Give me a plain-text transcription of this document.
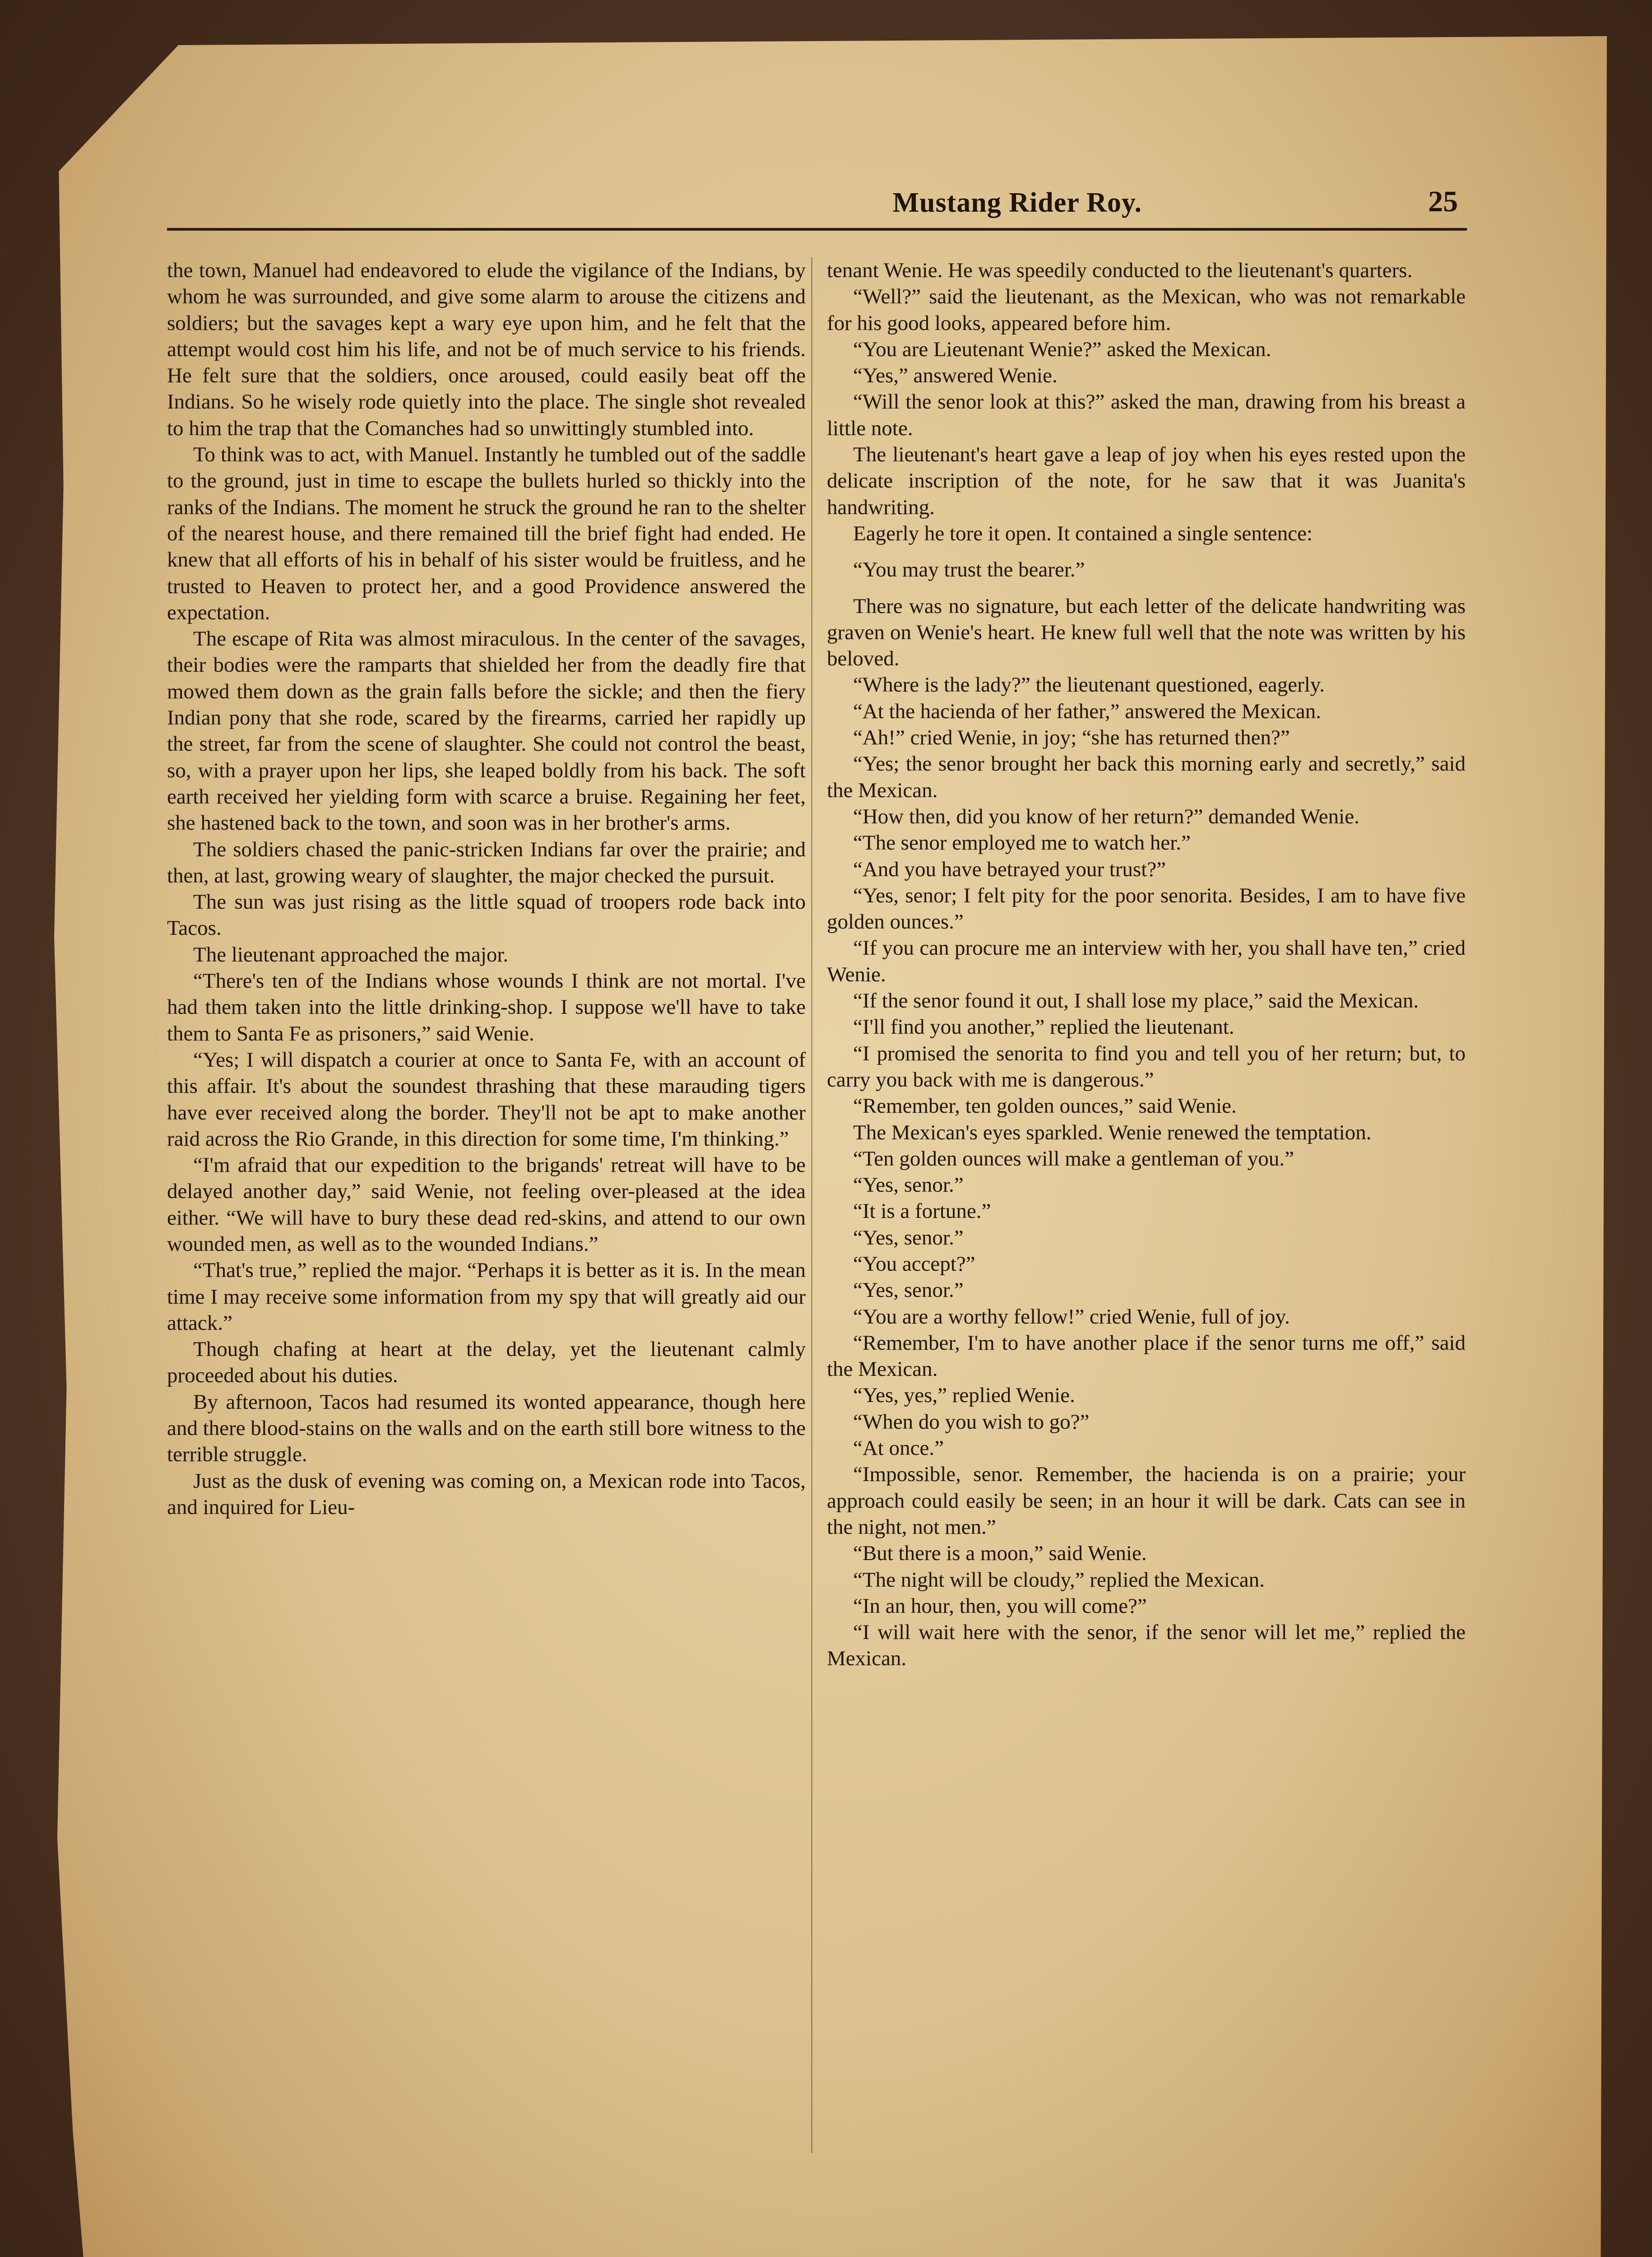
Mustang Rider Roy.	25

the town, Manuel had endeavored to elude the vigilance of the Indians, by whom he was surrounded, and give some alarm to arouse the citizens and soldiers; but the savages kept a wary eye upon him, and he felt that the attempt would cost him his life, and not be of much service to his friends. He felt sure that the soldiers, once aroused, could easily beat off the Indians. So he wisely rode quietly into the place. The single shot revealed to him the trap that the Comanches had so unwittingly stumbled into.

To think was to act, with Manuel. Instantly he tumbled out of the saddle to the ground, just in time to escape the bullets hurled so thickly into the ranks of the Indians. The moment he struck the ground he ran to the shelter of the nearest house, and there remained till the brief fight had ended. He knew that all efforts of his in behalf of his sister would be fruitless, and he trusted to Heaven to protect her, and a good Providence answered the expectation.

The escape of Rita was almost miraculous. In the center of the savages, their bodies were the ramparts that shielded her from the deadly fire that mowed them down as the grain falls before the sickle; and then the fiery Indian pony that she rode, scared by the firearms, carried her rapidly up the street, far from the scene of slaughter. She could not control the beast, so, with a prayer upon her lips, she leaped boldly from his back. The soft earth received her yielding form with scarce a bruise. Regaining her feet, she hastened back to the town, and soon was in her brother's arms.

The soldiers chased the panic-stricken Indians far over the prairie; and then, at last, growing weary of slaughter, the major checked the pursuit.

The sun was just rising as the little squad of troopers rode back into Tacos.

The lieutenant approached the major.

“There's ten of the Indians whose wounds I think are not mortal. I've had them taken into the little drinking-shop. I suppose we'll have to take them to Santa Fe as prisoners,” said Wenie.

“Yes; I will dispatch a courier at once to Santa Fe, with an account of this affair. It's about the soundest thrashing that these marauding tigers have ever received along the border. They'll not be apt to make another raid across the Rio Grande, in this direction for some time, I'm thinking.”

“I'm afraid that our expedition to the brigands' retreat will have to be delayed another day,” said Wenie, not feeling over-pleased at the idea either. “We will have to bury these dead red-skins, and attend to our own wounded men, as well as to the wounded Indians.”

“That's true,” replied the major. “Perhaps it is better as it is. In the mean time I may receive some information from my spy that will greatly aid our attack.”

Though chafing at heart at the delay, yet the lieutenant calmly proceeded about his duties.

By afternoon, Tacos had resumed its wonted appearance, though here and there blood-stains on the walls and on the earth still bore witness to the terrible struggle.

Just as the dusk of evening was coming on, a Mexican rode into Tacos, and inquired for Lieu-

tenant Wenie. He was speedily conducted to the lieutenant's quarters.

“Well?” said the lieutenant, as the Mexican, who was not remarkable for his good looks, appeared before him.

“You are Lieutenant Wenie?” asked the Mexican.

“Yes,” answered Wenie.

“Will the senor look at this?” asked the man, drawing from his breast a little note.

The lieutenant's heart gave a leap of joy when his eyes rested upon the delicate inscription of the note, for he saw that it was Juanita's handwriting.

Eagerly he tore it open. It contained a single sentence:

“You may trust the bearer.”

There was no signature, but each letter of the delicate handwriting was graven on Wenie's heart. He knew full well that the note was written by his beloved.

“Where is the lady?” the lieutenant questioned, eagerly.

“At the hacienda of her father,” answered the Mexican.

“Ah!” cried Wenie, in joy; “she has returned then?”

“Yes; the senor brought her back this morning early and secretly,” said the Mexican.

“How then, did you know of her return?” demanded Wenie.

“The senor employed me to watch her.”

“And you have betrayed your trust?”

“Yes, senor; I felt pity for the poor senorita. Besides, I am to have five golden ounces.”

“If you can procure me an interview with her, you shall have ten,” cried Wenie.

“If the senor found it out, I shall lose my place,” said the Mexican.

“I'll find you another,” replied the lieutenant.

“I promised the senorita to find you and tell you of her return; but, to carry you back with me is dangerous.”

“Remember, ten golden ounces,” said Wenie.

The Mexican's eyes sparkled. Wenie renewed the temptation.

“Ten golden ounces will make a gentleman of you.”

“Yes, senor.”

“It is a fortune.”

“Yes, senor.”

“You accept?”

“Yes, senor.”

“You are a worthy fellow!” cried Wenie, full of joy.

“Remember, I'm to have another place if the senor turns me off,” said the Mexican.

“Yes, yes,” replied Wenie.

“When do you wish to go?”

“At once.”

“Impossible, senor. Remember, the hacienda is on a prairie; your approach could easily be seen; in an hour it will be dark. Cats can see in the night, not men.”

“But there is a moon,” said Wenie.

“The night will be cloudy,” replied the Mexican.

“In an hour, then, you will come?”

“I will wait here with the senor, if the senor will let me,” replied the Mexican.
